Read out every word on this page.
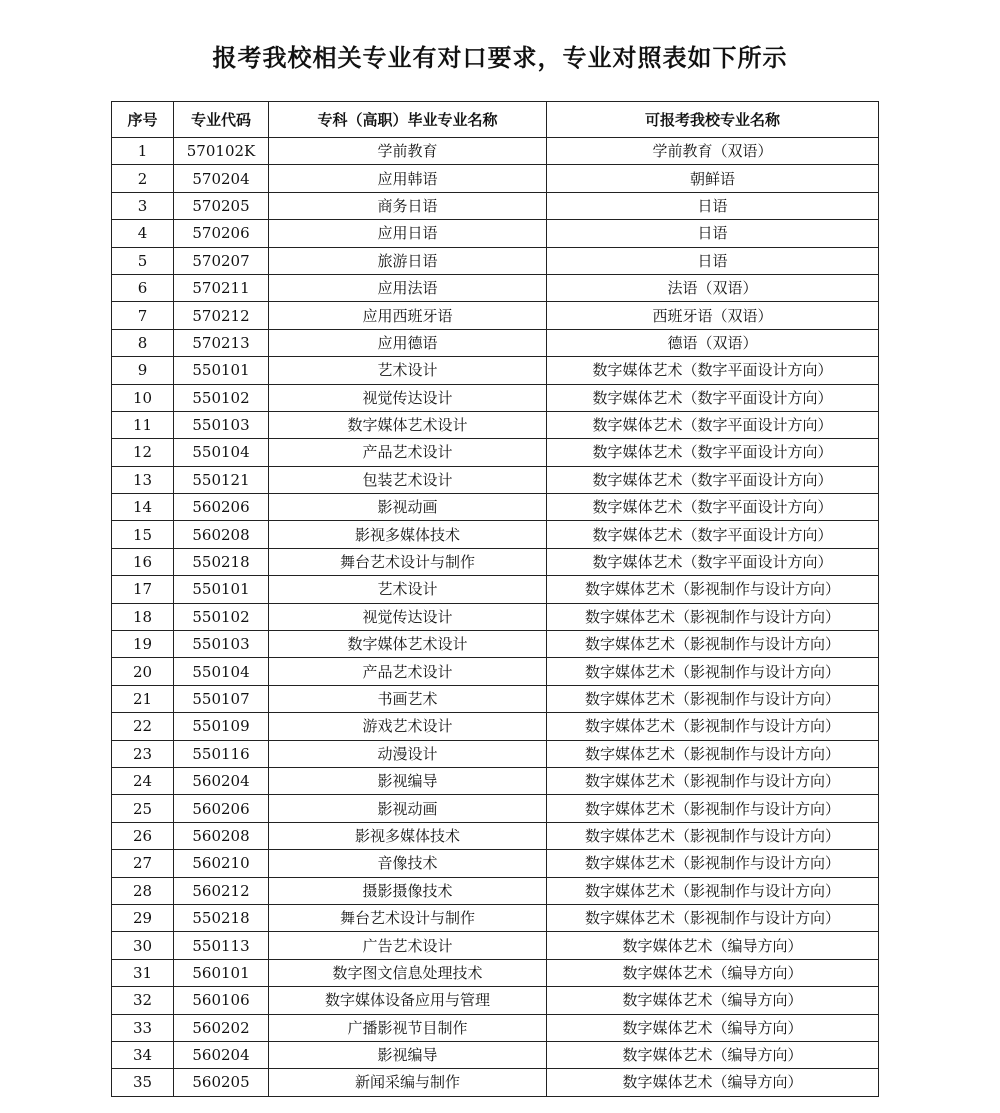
报考我校相关专业有对口要求，专业对照表如下所示
序号	专业代码	专科（高职）毕业专业名称	可报考我校专业名称
1	570102K	学前教育	学前教育（双语）
2	570204	应用韩语	朝鲜语
3	570205	商务日语	日语
4	570206	应用日语	日语
5	570207	旅游日语	日语
6	570211	应用法语	法语（双语）
7	570212	应用西班牙语	西班牙语（双语）
8	570213	应用德语	德语（双语）
9	550101	艺术设计	数字媒体艺术（数字平面设计方向）
10	550102	视觉传达设计	数字媒体艺术（数字平面设计方向）
11	550103	数字媒体艺术设计	数字媒体艺术（数字平面设计方向）
12	550104	产品艺术设计	数字媒体艺术（数字平面设计方向）
13	550121	包装艺术设计	数字媒体艺术（数字平面设计方向）
14	560206	影视动画	数字媒体艺术（数字平面设计方向）
15	560208	影视多媒体技术	数字媒体艺术（数字平面设计方向）
16	550218	舞台艺术设计与制作	数字媒体艺术（数字平面设计方向）
17	550101	艺术设计	数字媒体艺术（影视制作与设计方向）
18	550102	视觉传达设计	数字媒体艺术（影视制作与设计方向）
19	550103	数字媒体艺术设计	数字媒体艺术（影视制作与设计方向）
20	550104	产品艺术设计	数字媒体艺术（影视制作与设计方向）
21	550107	书画艺术	数字媒体艺术（影视制作与设计方向）
22	550109	游戏艺术设计	数字媒体艺术（影视制作与设计方向）
23	550116	动漫设计	数字媒体艺术（影视制作与设计方向）
24	560204	影视编导	数字媒体艺术（影视制作与设计方向）
25	560206	影视动画	数字媒体艺术（影视制作与设计方向）
26	560208	影视多媒体技术	数字媒体艺术（影视制作与设计方向）
27	560210	音像技术	数字媒体艺术（影视制作与设计方向）
28	560212	摄影摄像技术	数字媒体艺术（影视制作与设计方向）
29	550218	舞台艺术设计与制作	数字媒体艺术（影视制作与设计方向）
30	550113	广告艺术设计	数字媒体艺术（编导方向）
31	560101	数字图文信息处理技术	数字媒体艺术（编导方向）
32	560106	数字媒体设备应用与管理	数字媒体艺术（编导方向）
33	560202	广播影视节目制作	数字媒体艺术（编导方向）
34	560204	影视编导	数字媒体艺术（编导方向）
35	560205	新闻采编与制作	数字媒体艺术（编导方向）
